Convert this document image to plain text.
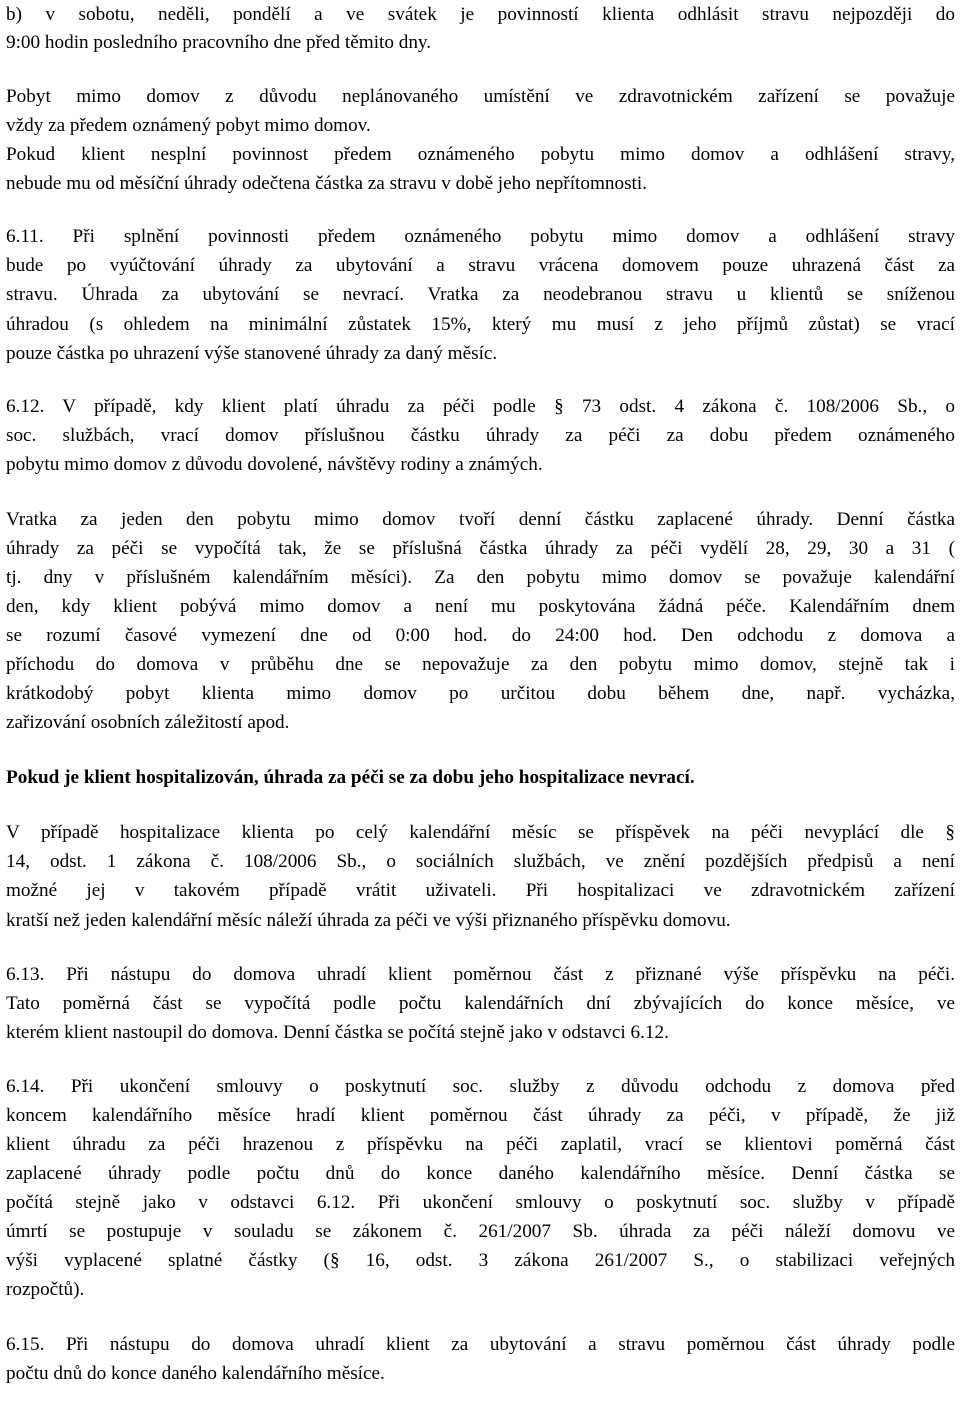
b) v sobotu, neděli, pondělí a ve svátek je povinností klienta odhlásit stravu nejpozději do
9:00 hodin posledního pracovního dne před těmito dny.
Pobyt mimo domov z důvodu neplánovaného umístění ve zdravotnickém zařízení se považuje
vždy za předem oznámený pobyt mimo domov.
Pokud klient nesplní povinnost předem oznámeného pobytu mimo domov a odhlášení stravy,
nebude mu od měsíční úhrady odečtena částka za stravu v době jeho nepřítomnosti.
6.11. Při splnění povinnosti předem oznámeného pobytu mimo domov a odhlášení stravy
bude po vyúčtování úhrady za ubytování a stravu vrácena domovem pouze uhrazená část za
stravu. Úhrada za ubytování se nevrací. Vratka za neodebranou stravu u klientů se sníženou
úhradou (s ohledem na minimální zůstatek 15%, který mu musí z jeho příjmů zůstat) se vrací
pouze částka po uhrazení výše stanovené úhrady za daný měsíc.
6.12. V případě, kdy klient platí úhradu za péči podle § 73 odst. 4 zákona č. 108/2006 Sb., o
soc. službách, vrací domov příslušnou částku úhrady za péči za dobu předem oznámeného
pobytu mimo domov z důvodu dovolené, návštěvy rodiny a známých.
Vratka za jeden den pobytu mimo domov tvoří denní částku zaplacené úhrady. Denní částka
úhrady za péči se vypočítá tak, že se příslušná částka úhrady za péči vydělí 28, 29, 30 a 31 (
tj. dny v příslušném kalendářním měsíci). Za den pobytu mimo domov se považuje kalendářní
den, kdy klient pobývá mimo domov a není mu poskytována žádná péče. Kalendářním dnem
se rozumí časové vymezení dne od 0:00 hod. do 24:00 hod. Den odchodu z domova a
příchodu do domova v průběhu dne se nepovažuje za den pobytu mimo domov, stejně tak i
krátkodobý pobyt klienta mimo domov po určitou dobu během dne, např. vycházka,
zařizování osobních záležitostí apod.
Pokud je klient hospitalizován, úhrada za péči se za dobu jeho hospitalizace nevrací.
V případě hospitalizace klienta po celý kalendářní měsíc se příspěvek na péči nevyplácí dle §
14, odst. 1 zákona č. 108/2006 Sb., o sociálních službách, ve znění pozdějších předpisů a není
možné jej v takovém případě vrátit uživateli. Při hospitalizaci ve zdravotnickém zařízení
kratší než jeden kalendářní měsíc náleží úhrada za péči ve výši přiznaného příspěvku domovu.
6.13. Při nástupu do domova uhradí klient poměrnou část z přiznané výše příspěvku na péči.
Tato poměrná část se vypočítá podle počtu kalendářních dní zbývajících do konce měsíce, ve
kterém klient nastoupil do domova. Denní částka se počítá stejně jako v odstavci 6.12.
6.14. Při ukončení smlouvy o poskytnutí soc. služby z důvodu odchodu z domova před
koncem kalendářního měsíce hradí klient poměrnou část úhrady za péči, v případě, že již
klient úhradu za péči hrazenou z příspěvku na péči zaplatil, vrací se klientovi poměrná část
zaplacené úhrady podle počtu dnů do konce daného kalendářního měsíce. Denní částka se
počítá stejně jako v odstavci 6.12. Při ukončení smlouvy o poskytnutí soc. služby v případě
úmrtí se postupuje v souladu se zákonem č. 261/2007 Sb. úhrada za péči náleží domovu ve
výši vyplacené splatné částky (§ 16, odst. 3 zákona 261/2007 S., o stabilizaci veřejných
rozpočtů).
6.15. Při nástupu do domova uhradí klient za ubytování a stravu poměrnou část úhrady podle
počtu dnů do konce daného kalendářního měsíce.
